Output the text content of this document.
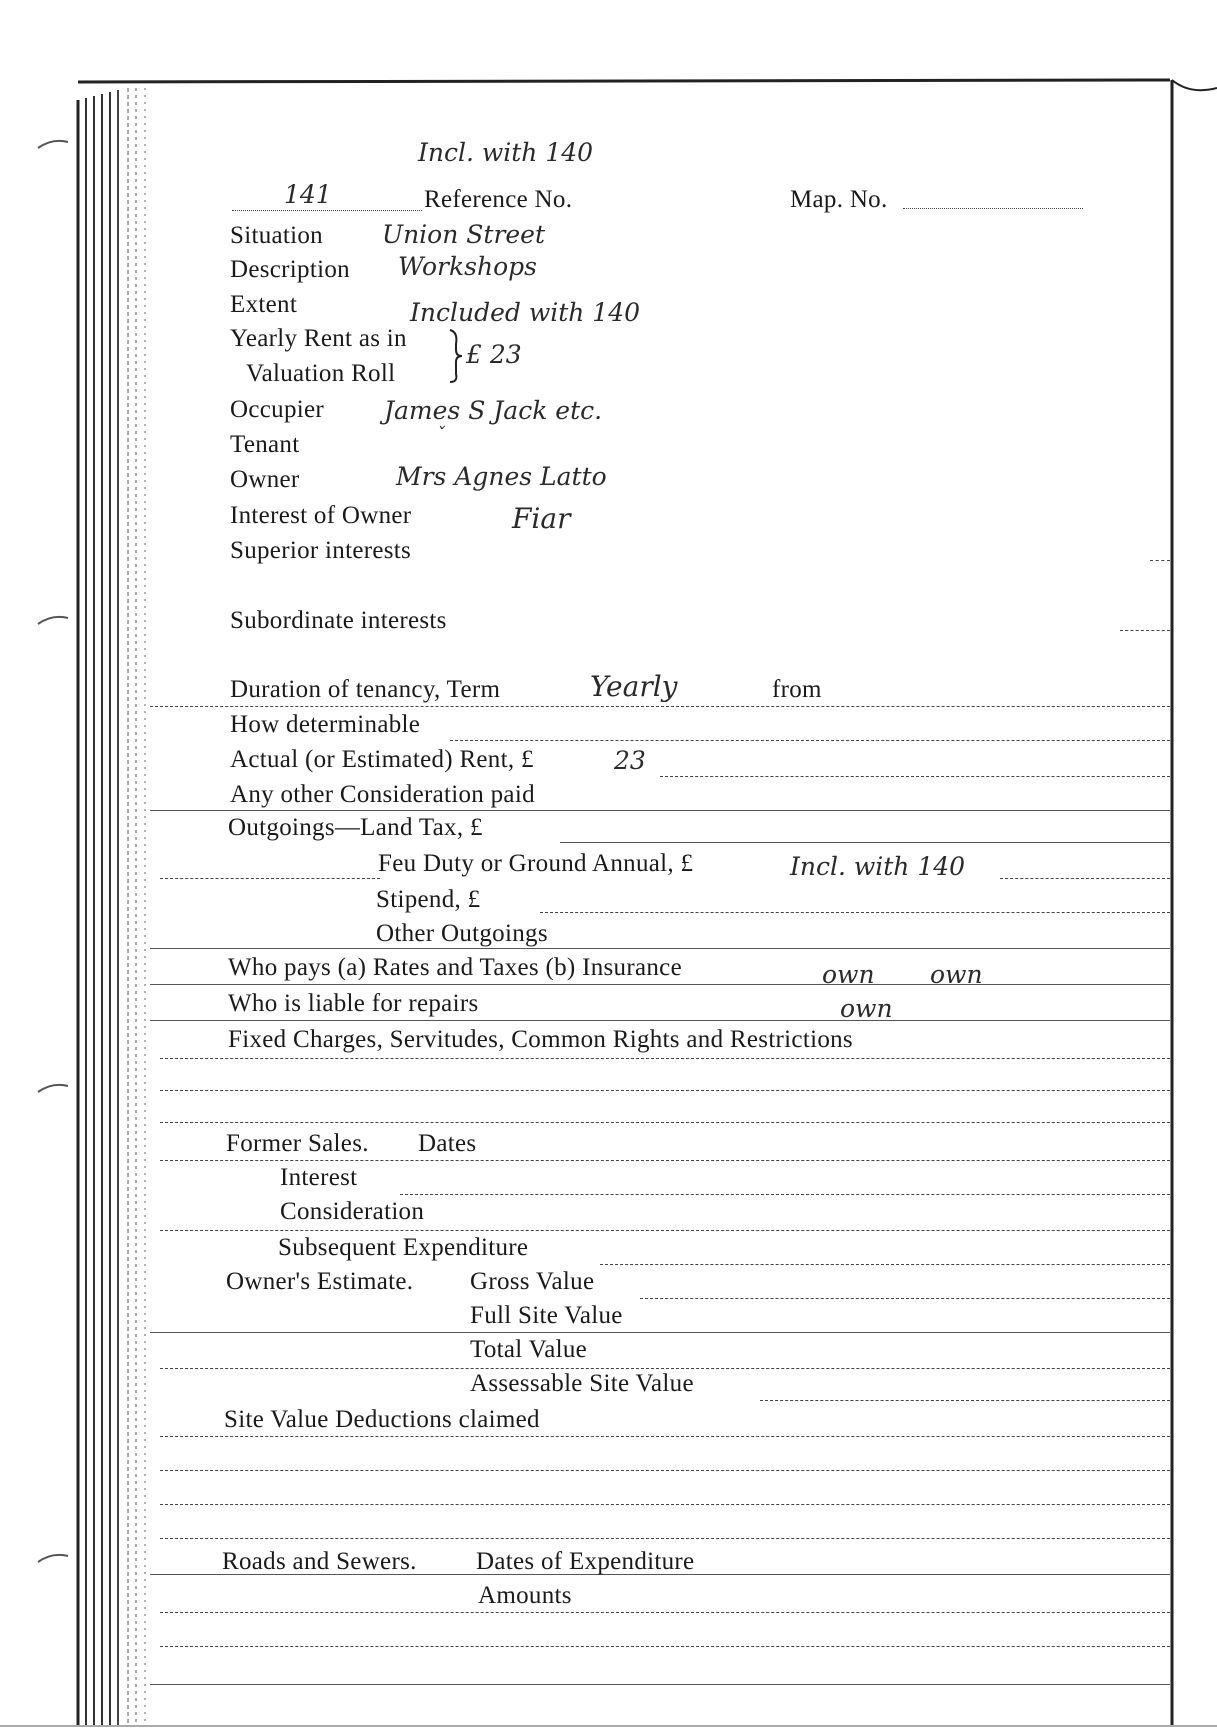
Incl. with 140
141	Reference No.	Map. No.
Situation Union Street
Description Workshops
Extent	Included with 140
Yearly Rent as in
Valuation Roll
£ 23
Occupier James S Jack etc.
Tenant	ˇ
Owner	Mrs Agnes Latto
Interest of Owner	Fiar
Superior interests
Subordinate interests
Duration of tenancy, Term	Yearly	from
How determinable
Actual (or Estimated) Rent, £	23
Any other Consideration paid
Outgoings—Land Tax, £
Feu Duty or Ground Annual, £	Incl. with 140
Stipend, £
Other Outgoings
Who pays (a) Rates and Taxes (b) Insurance	own own
Who is liable for repairs	own
Fixed Charges, Servitudes, Common Rights and Restrictions
Former Sales. Dates
Interest
Consideration
Subsequent Expenditure
Owner's Estimate. Gross Value
Full Site Value
Total Value
Assessable Site Value
Site Value Deductions claimed
Roads and Sewers. Dates of Expenditure
Amounts
